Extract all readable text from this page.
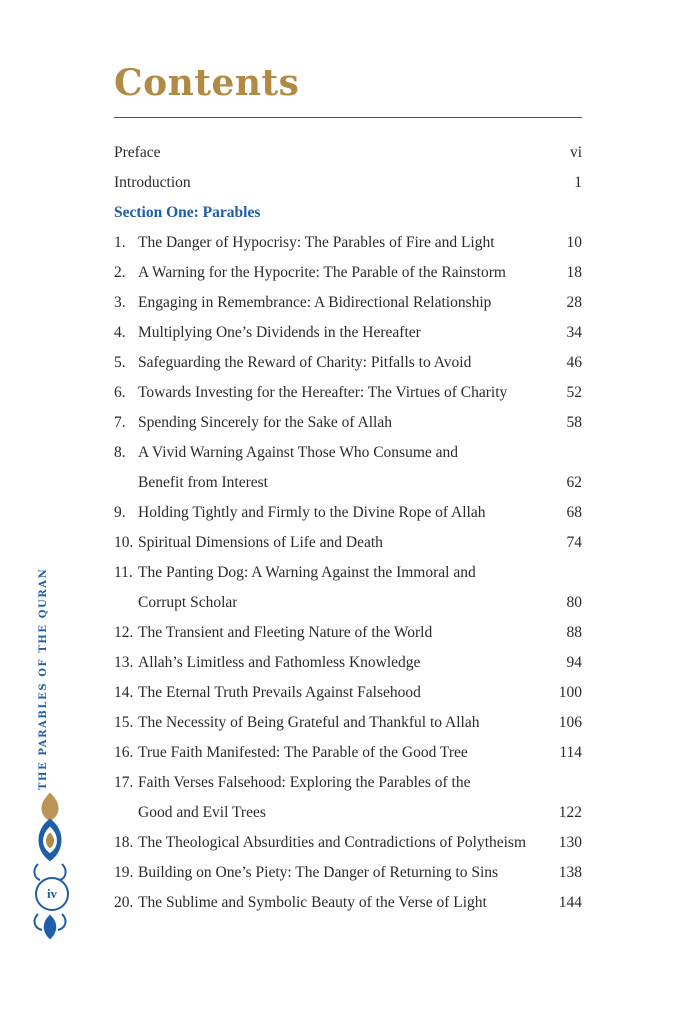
Contents
Preface	vi
Introduction	1
Section One: Parables
1. The Danger of Hypocrisy: The Parables of Fire and Light	10
2. A Warning for the Hypocrite: The Parable of the Rainstorm	18
3. Engaging in Remembrance: A Bidirectional Relationship	28
4. Multiplying One’s Dividends in the Hereafter	34
5. Safeguarding the Reward of Charity: Pitfalls to Avoid	46
6. Towards Investing for the Hereafter: The Virtues of Charity	52
7. Spending Sincerely for the Sake of Allah	58
8. A Vivid Warning Against Those Who Consume and
Benefit from Interest	62
9. Holding Tightly and Firmly to the Divine Rope of Allah	68
10. Spiritual Dimensions of Life and Death	74
11. The Panting Dog: A Warning Against the Immoral and
Corrupt Scholar	80
12. The Transient and Fleeting Nature of the World	88
13. Allah’s Limitless and Fathomless Knowledge	94
14. The Eternal Truth Prevails Against Falsehood	100
15. The Necessity of Being Grateful and Thankful to Allah	106
16. True Faith Manifested: The Parable of the Good Tree	114
17. Faith Verses Falsehood: Exploring the Parables of the
Good and Evil Trees	122
18. The Theological Absurdities and Contradictions of Polytheism 130
19. Building on One’s Piety: The Danger of Returning to Sins	138
20. The Sublime and Symbolic Beauty of the Verse of Light	144
THE PARABLES OF THE QURAN
iv
